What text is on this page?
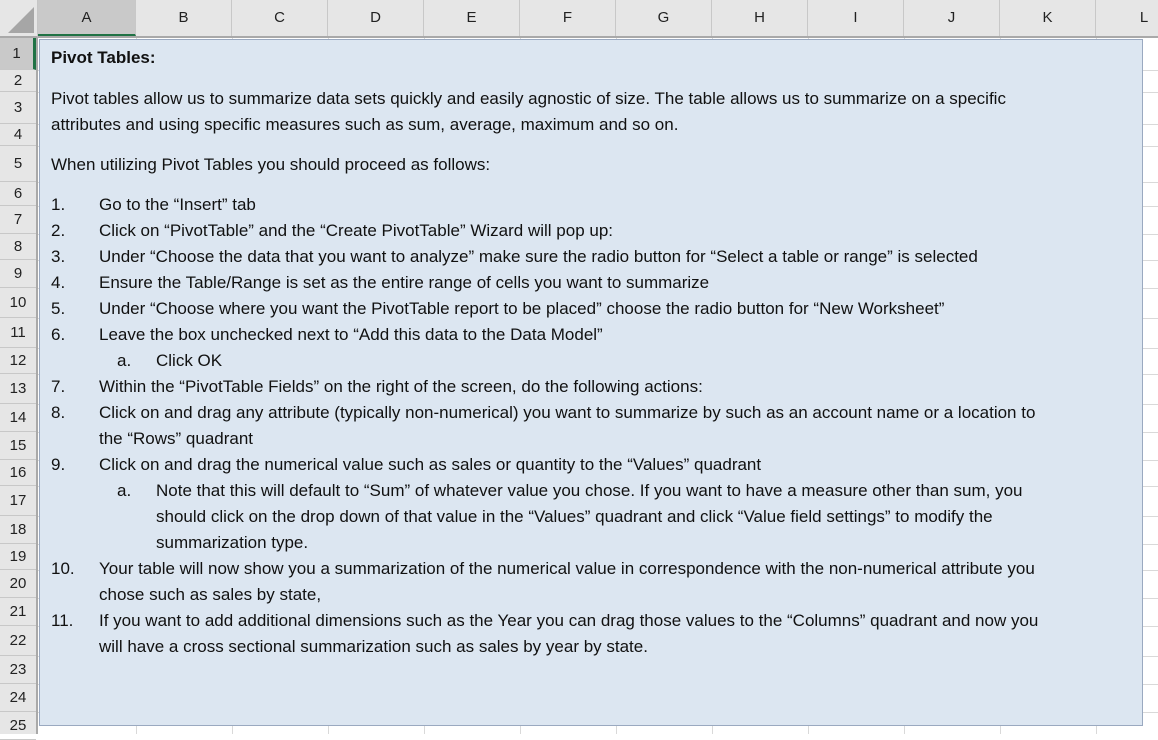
A	B	C	D	E	F	G	H	I	J	K	L
1
2
3
4
5
6
7
8
9
10
11
12
13
14
15
16
17
18
19
20
21
22
23
24
25
Pivot Tables:
Pivot tables allow us to summarize data sets quickly and easily agnostic of size. The table allows us to summarize on a specific
attributes and using specific measures such as sum, average, maximum and so on.
When utilizing Pivot Tables you should proceed as follows:
1. Go to the “Insert” tab
2. Click on “PivotTable” and the “Create PivotTable” Wizard will pop up:
3. Under “Choose the data that you want to analyze” make sure the radio button for “Select a table or range” is selected
4. Ensure the Table/Range is set as the entire range of cells you want to summarize
5. Under “Choose where you want the PivotTable report to be placed” choose the radio button for “New Worksheet”
6. Leave the box unchecked next to “Add this data to the Data Model”
a. Click OK
7. Within the “PivotTable Fields” on the right of the screen, do the following actions:
8. Click on and drag any attribute (typically non-numerical) you want to summarize by such as an account name or a location to
the “Rows” quadrant
9. Click on and drag the numerical value such as sales or quantity to the “Values” quadrant
a. Note that this will default to “Sum” of whatever value you chose. If you want to have a measure other than sum, you
should click on the drop down of that value in the “Values” quadrant and click “Value field settings” to modify the
summarization type.
10. Your table will now show you a summarization of the numerical value in correspondence with the non-numerical attribute you
chose such as sales by state,
11. If you want to add additional dimensions such as the Year you can drag those values to the “Columns” quadrant and now you
will have a cross sectional summarization such as sales by year by state.
